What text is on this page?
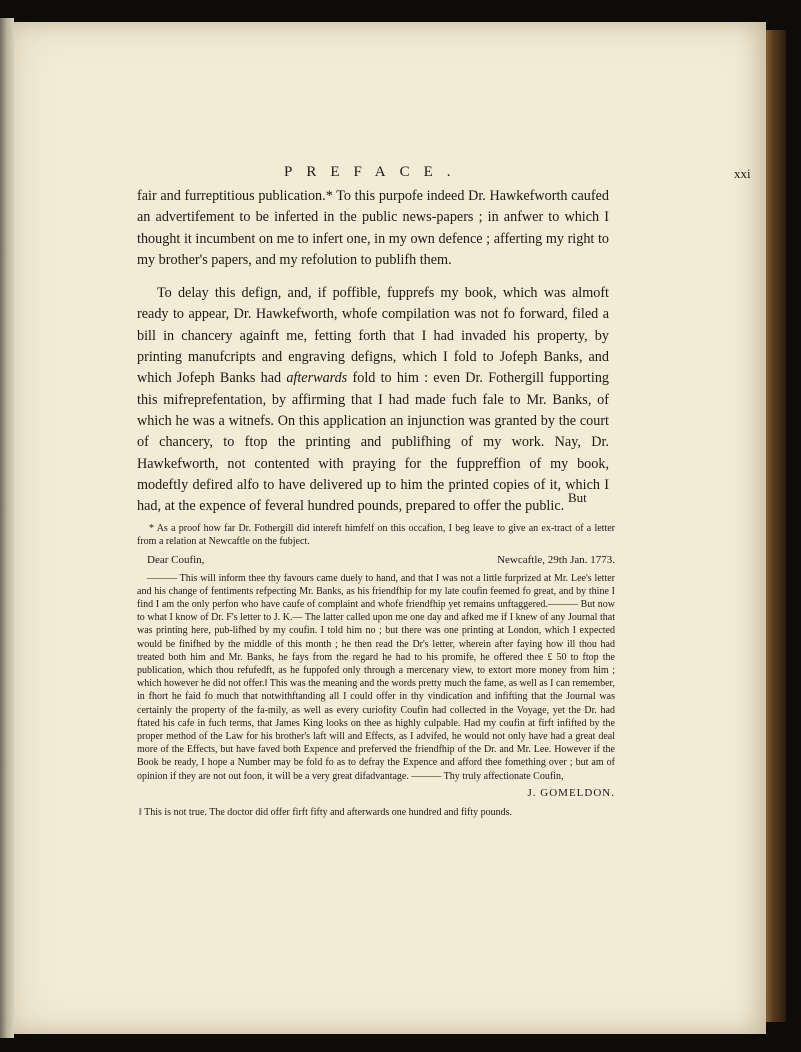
PREFACE.	xxi

fair and furreptitious publication.* To this purpofe indeed Dr. Hawkefworth caufed an advertifement to be inferted in the public news-papers ; in anfwer to which I thought it incumbent on me to infert one, in my own defence ; afferting my right to my brother's papers, and my refolution to publifh them.

To delay this defign, and, if poffible, fupprefs my book, which was almoft ready to appear, Dr. Hawkefworth, whofe compilation was not fo forward, filed a bill in chancery againft me, fetting forth that I had invaded his property, by printing manufcripts and engraving defigns, which I fold to Jofeph Banks, and which Jofeph Banks had afterwards fold to him : even Dr. Fothergill fupporting this mifreprefentation, by affirming that I had made fuch fale to Mr. Banks, of which he was a witnefs. On this application an injunction was granted by the court of chancery, to ftop the printing and publifhing of my work. Nay, Dr. Hawkefworth, not contented with praying for the fuppreffion of my book, modeftly defired alfo to have delivered up to him the printed copies of it, which I had, at the expence of feveral hundred pounds, prepared to offer the public.

But

* As a proof how far Dr. Fothergill did intereft himfelf on this occafion, I beg leave to give an ex-tract of a letter from a relation at Newcaftle on the fubject.

Dear Coufin,	Newcaftle, 29th Jan. 1773.

——— This will inform thee thy favours came duely to hand, and that I was not a little furprized at Mr. Lee's letter and his change of fentiments refpecting Mr. Banks, as his friendfhip for my late coufin feemed fo great, and by thine I find I am the only perfon who have caufe of complaint and whofe friendfhip yet remains unftaggered.——— But now to what I know of Dr. F's letter to J. K.— The latter called upon me one day and afked me if I knew of any Journal that was printing here, pub-lifhed by my coufin. I told him no ; but there was one printing at London, which I expected would be finifhed by the middle of this month ; he then read the Dr's letter, wherein after faying how ill thou had treated both him and Mr. Banks, he fays from the regard he had to his promife, he offered thee £ 50 to ftop the publication, which thou refufedft, as he fuppofed only through a mercenary view, to extort more money from him ; which however he did not offer.‖ This was the meaning and the words pretty much the fame, as well as I can remember, in fhort he faid fo much that notwithftanding all I could offer in thy vindication and infifting that the Journal was certainly the property of the fa-mily, as well as every curiofity Coufin had collected in the Voyage, yet the Dr. had ftated his cafe in fuch terms, that James King looks on thee as highly culpable. Had my coufin at firft infifted by the proper method of the Law for his brother's laft will and Effects, as I advifed, he would not only have had a great deal more of the Effects, but have faved both Expence and preferved the friendfhip of the Dr. and Mr. Lee. However if the Book be ready, I hope a Number may be fold fo as to defray the Expence and afford thee fomething over ; but am of opinion if they are not out foon, it will be a very great difadvantage. ——— Thy truly affectionate Coufin,

J. GOMELDON.

‖ This is not true. The doctor did offer firft fifty and afterwards one hundred and fifty pounds.
